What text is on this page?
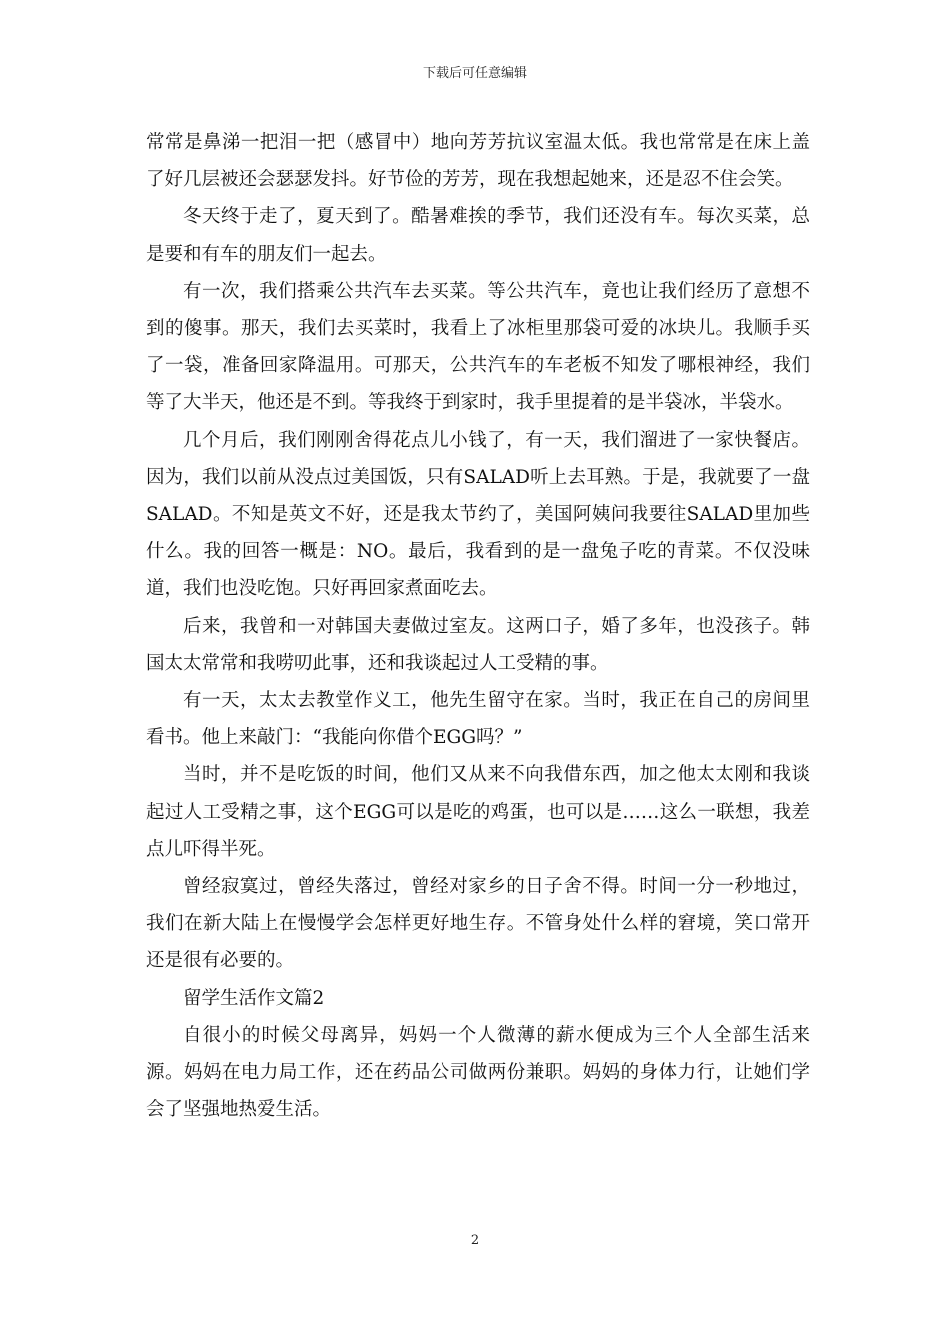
下载后可任意编辑

常常是鼻涕一把泪一把（感冒中）地向芳芳抗议室温太低。我也常常是在床上盖了好几层被还会瑟瑟发抖。好节俭的芳芳，现在我想起她来，还是忍不住会笑。

冬天终于走了，夏天到了。酷暑难挨的季节，我们还没有车。每次买菜，总是要和有车的朋友们一起去。

有一次，我们搭乘公共汽车去买菜。等公共汽车，竟也让我们经历了意想不到的傻事。那天，我们去买菜时，我看上了冰柜里那袋可爱的冰块儿。我顺手买了一袋，准备回家降温用。可那天，公共汽车的车老板不知发了哪根神经，我们等了大半天，他还是不到。等我终于到家时，我手里提着的是半袋冰，半袋水。

几个月后，我们刚刚舍得花点儿小钱了，有一天，我们溜进了一家快餐店。因为，我们以前从没点过美国饭，只有SALAD听上去耳熟。于是，我就要了一盘SALAD。不知是英文不好，还是我太节约了，美国阿姨问我要往SALAD里加些什么。我的回答一概是：NO。最后，我看到的是一盘兔子吃的青菜。不仅没味道，我们也没吃饱。只好再回家煮面吃去。

后来，我曾和一对韩国夫妻做过室友。这两口子，婚了多年，也没孩子。韩国太太常常和我唠叨此事，还和我谈起过人工受精的事。

有一天，太太去教堂作义工，他先生留守在家。当时，我正在自己的房间里看书。他上来敲门：“我能向你借个EGG吗？”

当时，并不是吃饭的时间，他们又从来不向我借东西，加之他太太刚和我谈起过人工受精之事，这个EGG可以是吃的鸡蛋，也可以是……这么一联想，我差点儿吓得半死。

曾经寂寞过，曾经失落过，曾经对家乡的日子舍不得。时间一分一秒地过，我们在新大陆上在慢慢学会怎样更好地生存。不管身处什么样的窘境，笑口常开还是很有必要的。

留学生活作文篇2

自很小的时候父母离异，妈妈一个人微薄的薪水便成为三个人全部生活来源。妈妈在电力局工作，还在药品公司做两份兼职。妈妈的身体力行，让她们学会了坚强地热爱生活。

2
